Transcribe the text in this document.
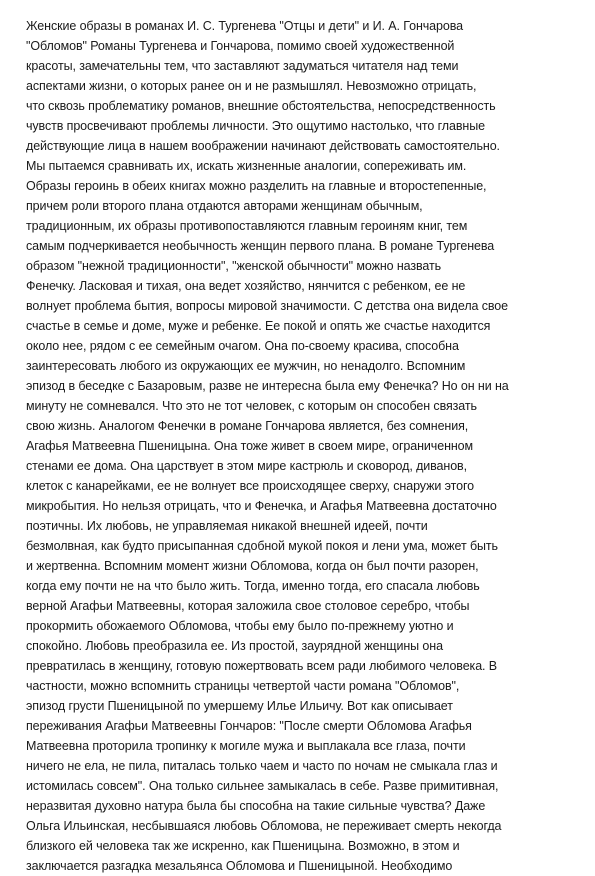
Женские образы в романах И. С. Тургенева "Отцы и дети" и И. А. Гончарова
"Обломов" Романы Тургенева и Гончарова, помимо своей художественной
красоты, замечательны тем, что заставляют задуматься читателя над теми
аспектами жизни, о которых ранее он и не размышлял. Невозможно отрицать,
что сквозь проблематику романов, внешние обстоятельства, непосредственность
чувств просвечивают проблемы личности. Это ощутимо настолько, что главные
действующие лица в нашем воображении начинают действовать самостоятельно.
Мы пытаемся сравнивать их, искать жизненные аналогии, сопереживать им.
Образы героинь в обеих книгах можно разделить на главные и второстепенные,
причем роли второго плана отдаются авторами женщинам обычным,
традиционным, их образы противопоставляются главным героиням книг, тем
самым подчеркивается необычность женщин первого плана. В романе Тургенева
образом "нежной традиционности", "женской обычности" можно назвать
Фенечку. Ласковая и тихая, она ведет хозяйство, нянчится с ребенком, ее не
волнует проблема бытия, вопросы мировой значимости. С детства она видела свое
счастье в семье и доме, муже и ребенке. Ее покой и опять же счастье находится
около нее, рядом с ее семейным очагом. Она по-своему красива, способна
заинтересовать любого из окружающих ее мужчин, но ненадолго. Вспомним
эпизод в беседке с Базаровым, разве не интересна была ему Фенечка? Но он ни на
минуту не сомневался. Что это не тот человек, с которым он способен связать
свою жизнь. Аналогом Фенечки в романе Гончарова является, без сомнения,
Агафья Матвеевна Пшеницына. Она тоже живет в своем мире, ограниченном
стенами ее дома. Она царствует в этом мире кастрюль и сковород, диванов,
клеток с канарейками, ее не волнует все происходящее сверху, снаружи этого
микробытия. Но нельзя отрицать, что и Фенечка, и Агафья Матвеевна достаточно
поэтичны. Их любовь, не управляемая никакой внешней идеей, почти
безмолвная, как будто присыпанная сдобной мукой покоя и лени ума, может быть
и жертвенна. Вспомним момент жизни Обломова, когда он был почти разорен,
когда ему почти не на что было жить. Тогда, именно тогда, его спасала любовь
верной Агафьи Матвеевны, которая заложила свое столовое серебро, чтобы
прокормить обожаемого Обломова, чтобы ему было по-прежнему уютно и
спокойно. Любовь преобразила ее. Из простой, заурядной женщины она
превратилась в женщину, готовую пожертвовать всем ради любимого человека. В
частности, можно вспомнить страницы четвертой части романа "Обломов",
эпизод грусти Пшеницыной по умершему Илье Ильичу. Вот как описывает
переживания Агафьи Матвеевны Гончаров: "После смерти Обломова Агафья
Матвеевна проторила тропинку к могиле мужа и выплакала все глаза, почти
ничего не ела, не пила, питалась только чаем и часто по ночам не смыкала глаз и
истомилась совсем". Она только сильнее замыкалась в себе. Разве примитивная,
неразвитая духовно натура была бы способна на такие сильные чувства? Даже
Ольга Ильинская, несбывшаяся любовь Обломова, не переживает смерть некогда
близкого ей человека так же искренно, как Пшеницына. Возможно, в этом и
заключается разгадка мезальянса Обломова и Пшеницыной. Необходимо
